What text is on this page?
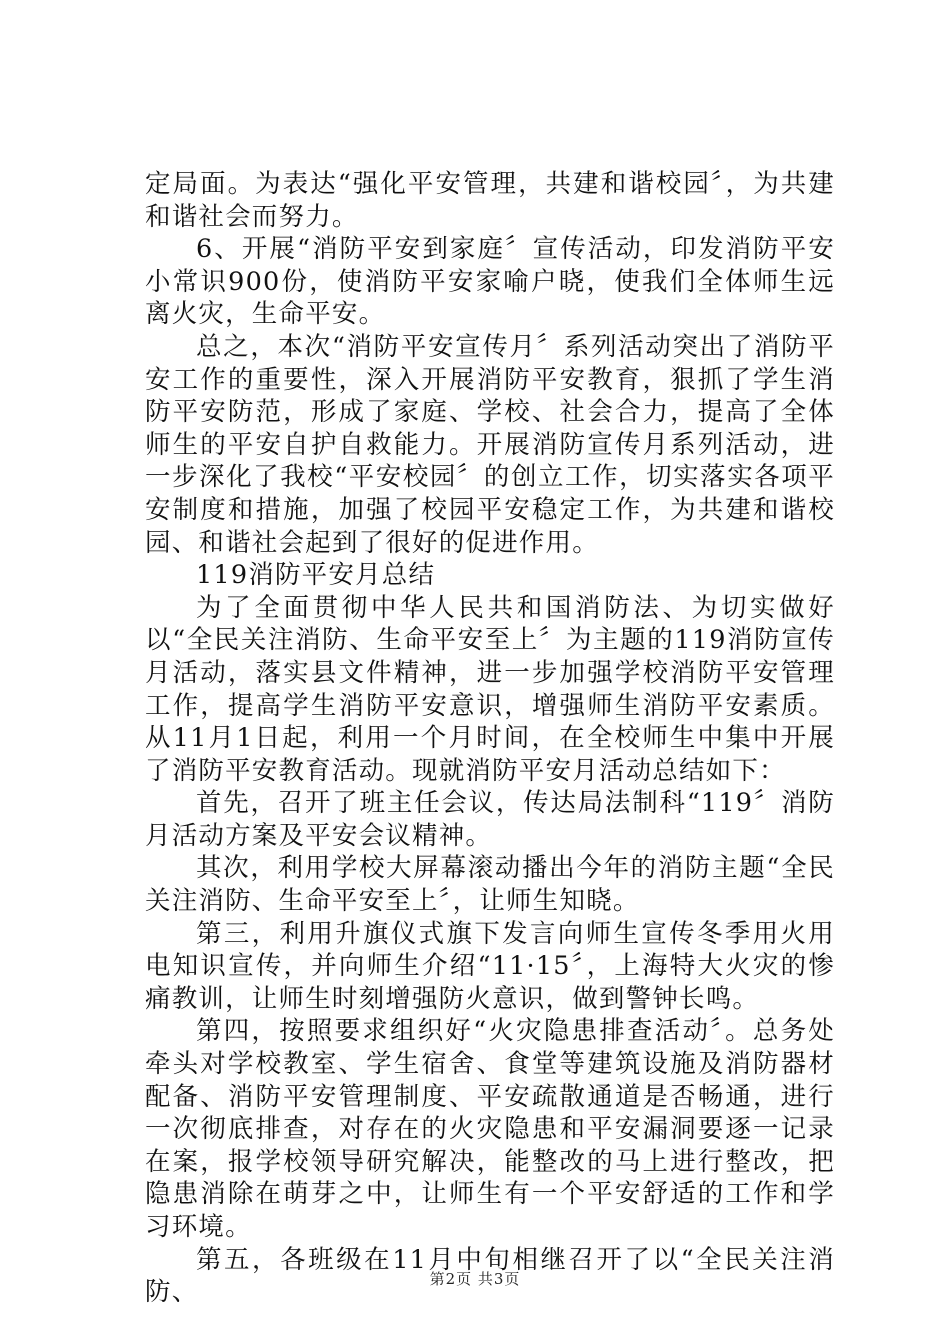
定局面。为表达“强化平安管理，共建和谐校园〞，为共建和谐社会而努力。

6、开展“消防平安到家庭〞宣传活动，印发消防平安小常识900份，使消防平安家喻户晓，使我们全体师生远离火灾，生命平安。

总之，本次“消防平安宣传月〞系列活动突出了消防平安工作的重要性，深入开展消防平安教育，狠抓了学生消防平安防范，形成了家庭、学校、社会合力，提高了全体师生的平安自护自救能力。开展消防宣传月系列活动，进一步深化了我校“平安校园〞的创立工作，切实落实各项平安制度和措施，加强了校园平安稳定工作，为共建和谐校园、和谐社会起到了很好的促进作用。

119消防平安月总结

为了全面贯彻中华人民共和国消防法、为切实做好以“全民关注消防、生命平安至上〞为主题的119消防宣传月活动，落实县文件精神，进一步加强学校消防平安管理工作，提高学生消防平安意识，增强师生消防平安素质。从11月1日起，利用一个月时间，在全校师生中集中开展了消防平安教育活动。现就消防平安月活动总结如下：

首先，召开了班主任会议，传达局法制科“119〞消防月活动方案及平安会议精神。

其次，利用学校大屏幕滚动播出今年的消防主题“全民关注消防、生命平安至上〞，让师生知晓。

第三，利用升旗仪式旗下发言向师生宣传冬季用火用电知识宣传，并向师生介绍“11·15〞，上海特大火灾的惨痛教训，让师生时刻增强防火意识，做到警钟长鸣。

第四，按照要求组织好“火灾隐患排查活动〞。总务处牵头对学校教室、学生宿舍、食堂等建筑设施及消防器材配备、消防平安管理制度、平安疏散通道是否畅通，进行一次彻底排查，对存在的火灾隐患和平安漏洞要逐一记录在案，报学校领导研究解决，能整改的马上进行整改，把隐患消除在萌芽之中，让师生有一个平安舒适的工作和学习环境。

第五，各班级在11月中旬相继召开了以“全民关注消防、	第2页 共3页
